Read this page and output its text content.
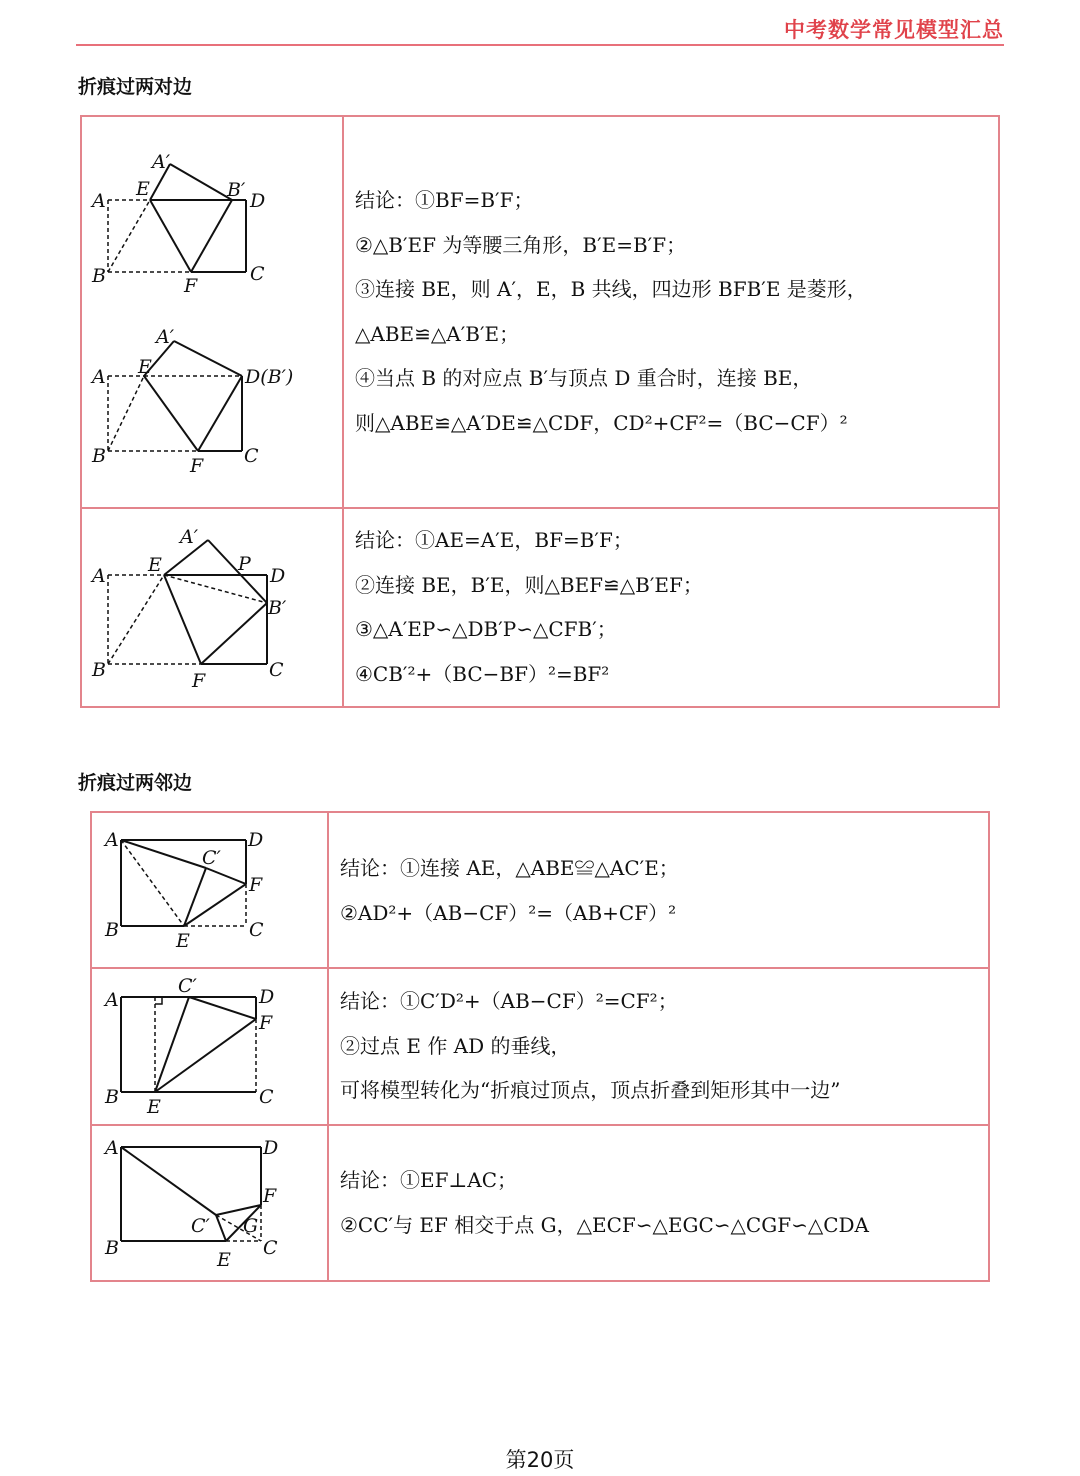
中考数学常见模型汇总
折痕过两对边
A′
E	B′ D
A
B	F
C
A′
E	D(B′)
A
B	F C
结论：①BF=B′F；
②△B′EF 为等腰三角形，B′E=B′F；
③连接 BE，则 A′，E，B 共线，四边形 BFB′E 是菱形，
△ABE≌△A′B′E；
④当点 B 的对应点 B′与顶点 D 重合时，连接 BE，
则△ABE≌△A′DE≌△CDF，CD²+CF²=（BC−CF）²
A′
E	P
D
A
B′
B	F	C
结论：①AE=A′E，BF=B′F；
②连接 BE，B′E，则△BEF≌△B′EF；
③△A′EP∽△DB′P∽△CFB′；
④CB′²+（BC−BF）²=BF²
折痕过两邻边
A	D
C′
F
B	E	C
结论：①连接 AE，△ABE≌△AC′E；
②AD²+（AB−CF）²=（AB+CF）²
C′
A	D
F
B E	C
结论：①C′D²+（AB−CF）²=CF²；
②过点 E 作 AD 的垂线，
可将模型转化为“折痕过顶点，顶点折叠到矩形其中一边”
A	D
F
C′ G
B
E
C
结论：①EF⊥AC；
②CC′与 EF 相交于点 G，△ECF∽△EGC∽△CGF∽△CDA
第20页
